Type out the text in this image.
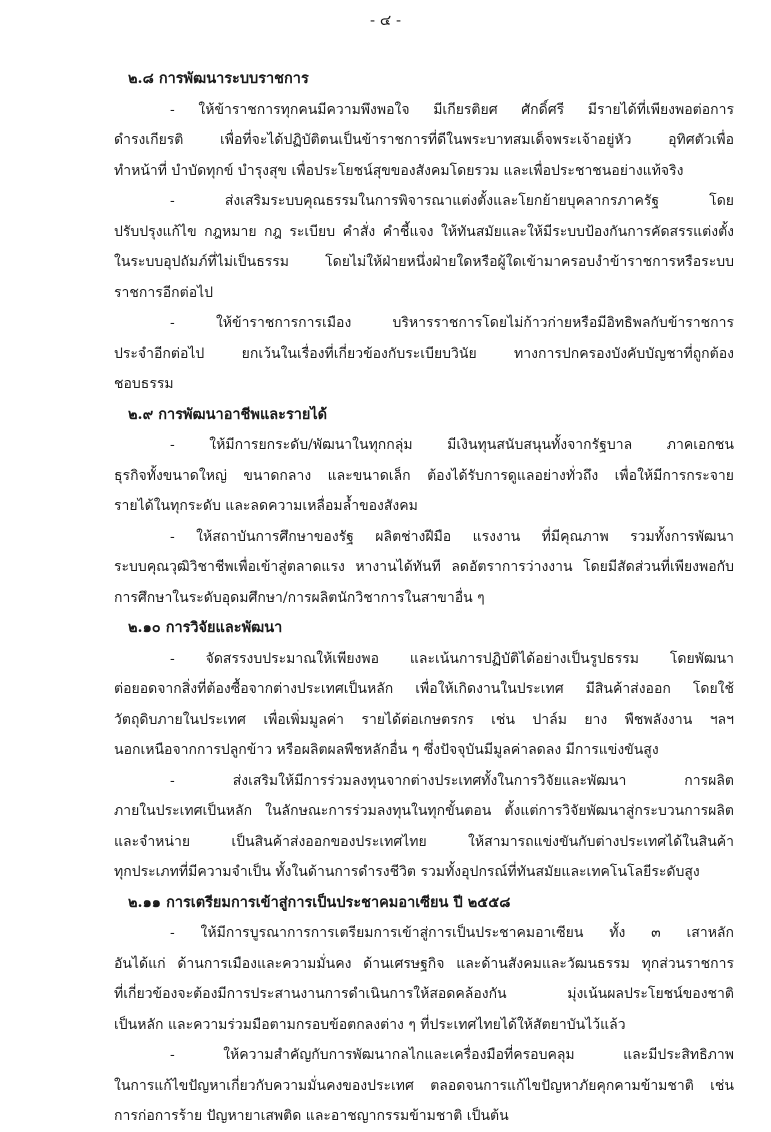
- ๔ -
๒.๘ การพัฒนาระบบราชการ
- ให้ข้าราชการทุกคนมีความพึงพอใจ มีเกียรติยศ ศักดิ์ศรี มีรายได้ที่เพียงพอต่อการ
ดำรงเกียรติ เพื่อที่จะได้ปฏิบัติตนเป็นข้าราชการที่ดีในพระบาทสมเด็จพระเจ้าอยู่หัว อุทิศตัวเพื่อ
ทำหน้าที่ บำบัดทุกข์ บำรุงสุข เพื่อประโยชน์สุขของสังคมโดยรวม และเพื่อประชาชนอย่างแท้จริง
- ส่งเสริมระบบคุณธรรมในการพิจารณาแต่งตั้งและโยกย้ายบุคลากรภาครัฐ โดย
ปรับปรุงแก้ไข กฎหมาย กฎ ระเบียบ คำสั่ง คำชี้แจง ให้ทันสมัยและให้มีระบบป้องกันการคัดสรรแต่งตั้ง
ในระบบอุปถัมภ์ที่ไม่เป็นธรรม โดยไม่ให้ฝ่ายหนึ่งฝ่ายใดหรือผู้ใดเข้ามาครอบงำข้าราชการหรือระบบ
ราชการอีกต่อไป
- ให้ข้าราชการการเมือง บริหารราชการโดยไม่ก้าวก่ายหรือมีอิทธิพลกับข้าราชการ
ประจำอีกต่อไป ยกเว้นในเรื่องที่เกี่ยวข้องกับระเบียบวินัย ทางการปกครองบังคับบัญชาที่ถูกต้อง
ชอบธรรม
๒.๙ การพัฒนาอาชีพและรายได้
- ให้มีการยกระดับ/พัฒนาในทุกกลุ่ม มีเงินทุนสนับสนุนทั้งจากรัฐบาล ภาคเอกชน
ธุรกิจทั้งขนาดใหญ่ ขนาดกลาง และขนาดเล็ก ต้องได้รับการดูแลอย่างทั่วถึง เพื่อให้มีการกระจาย
รายได้ในทุกระดับ และลดความเหลื่อมล้ำของสังคม
- ให้สถาบันการศึกษาของรัฐ ผลิตช่างฝีมือ แรงงาน ที่มีคุณภาพ รวมทั้งการพัฒนา
ระบบคุณวุฒิวิชาชีพเพื่อเข้าสู่ตลาดแรง หางานได้ทันที ลดอัตราการว่างงาน โดยมีสัดส่วนที่เพียงพอกับ
การศึกษาในระดับอุดมศึกษา/การผลิตนักวิชาการในสาขาอื่น ๆ
๒.๑๐ การวิจัยและพัฒนา
- จัดสรรงบประมาณให้เพียงพอ และเน้นการปฏิบัติได้อย่างเป็นรูปธรรม โดยพัฒนา
ต่อยอดจากสิ่งที่ต้องซื้อจากต่างประเทศเป็นหลัก เพื่อให้เกิดงานในประเทศ มีสินค้าส่งออก โดยใช้
วัตถุดิบภายในประเทศ เพื่อเพิ่มมูลค่า รายได้ต่อเกษตรกร เช่น ปาล์ม ยาง พืชพลังงาน ฯลฯ
นอกเหนือจากการปลูกข้าว หรือผลิตผลพืชหลักอื่น ๆ ซึ่งปัจจุบันมีมูลค่าลดลง มีการแข่งขันสูง
- ส่งเสริมให้มีการร่วมลงทุนจากต่างประเทศทั้งในการวิจัยและพัฒนา การผลิต
ภายในประเทศเป็นหลัก ในลักษณะการร่วมลงทุนในทุกขั้นตอน ตั้งแต่การวิจัยพัฒนาสู่กระบวนการผลิต
และจำหน่าย เป็นสินค้าส่งออกของประเทศไทย ให้สามารถแข่งขันกับต่างประเทศได้ในสินค้า
ทุกประเภทที่มีความจำเป็น ทั้งในด้านการดำรงชีวิต รวมทั้งอุปกรณ์ที่ทันสมัยและเทคโนโลยีระดับสูง
๒.๑๑ การเตรียมการเข้าสู่การเป็นประชาคมอาเซียน ปี ๒๕๕๘
- ให้มีการบูรณาการการเตรียมการเข้าสู่การเป็นประชาคมอาเซียน ทั้ง ๓ เสาหลัก
อันได้แก่ ด้านการเมืองและความมั่นคง ด้านเศรษฐกิจ และด้านสังคมและวัฒนธรรม ทุกส่วนราชการ
ที่เกี่ยวข้องจะต้องมีการประสานงานการดำเนินการให้สอดคล้องกัน มุ่งเน้นผลประโยชน์ของชาติ
เป็นหลัก และความร่วมมือตามกรอบข้อตกลงต่าง ๆ ที่ประเทศไทยได้ให้สัตยาบันไว้แล้ว
- ให้ความสำคัญกับการพัฒนากลไกและเครื่องมือที่ครอบคลุม และมีประสิทธิภาพ
ในการแก้ไขปัญหาเกี่ยวกับความมั่นคงของประเทศ ตลอดจนการแก้ไขปัญหาภัยคุกคามข้ามชาติ เช่น
การก่อการร้าย ปัญหายาเสพติด และอาชญากรรมข้ามชาติ เป็นต้น
